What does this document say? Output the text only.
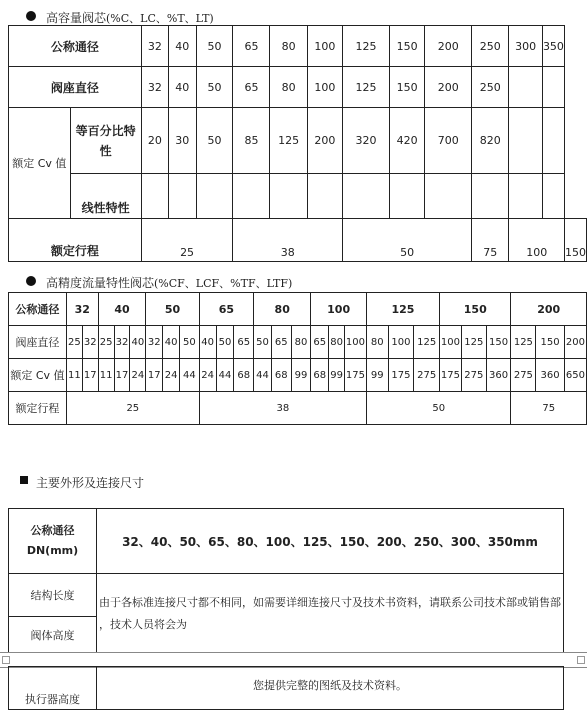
高容量阀芯(%C、LC、%T、LT)
公称通径		32	40	50	65	80	100	125	150	200	250	300	350	
阀座直径		32	40	50	65	80	100	125	150	200	250			
额定 Cv 值	等百分比特性	20	30	50	85	125	200	320	420	700	820			
	线性特性													
额定行程		25			38			50			75	100		150
高精度流量特性阀芯(%CF、LCF、%TF、LTF)
公称通径	32		40			50			65			80			100			125			150			200		
阀座直径	25	32	25	32	40	32	40	50	40	50	65	50	65	80	65	80	100	80	100	125	100	125	150	125	150	200
额定 Cv 值	11	17	11	17	24	17	24	44	24	44	68	44	68	99	68	99	175	99	175	275	175	275	360	275	360	650
额定行程	25								38									50						75		
主要外形及连接尺寸
公称通径
DN(mm)	32、40、50、65、80、100、125、150、200、250、300、350mm
结构长度	由于各标准连接尺寸都不相同，如需要详细连接尺寸及技术书资料，请联系公司技术部或销售部 ，技术人员将会为
阀体高度	
执行器高度	您提供完整的图纸及技术资料。
